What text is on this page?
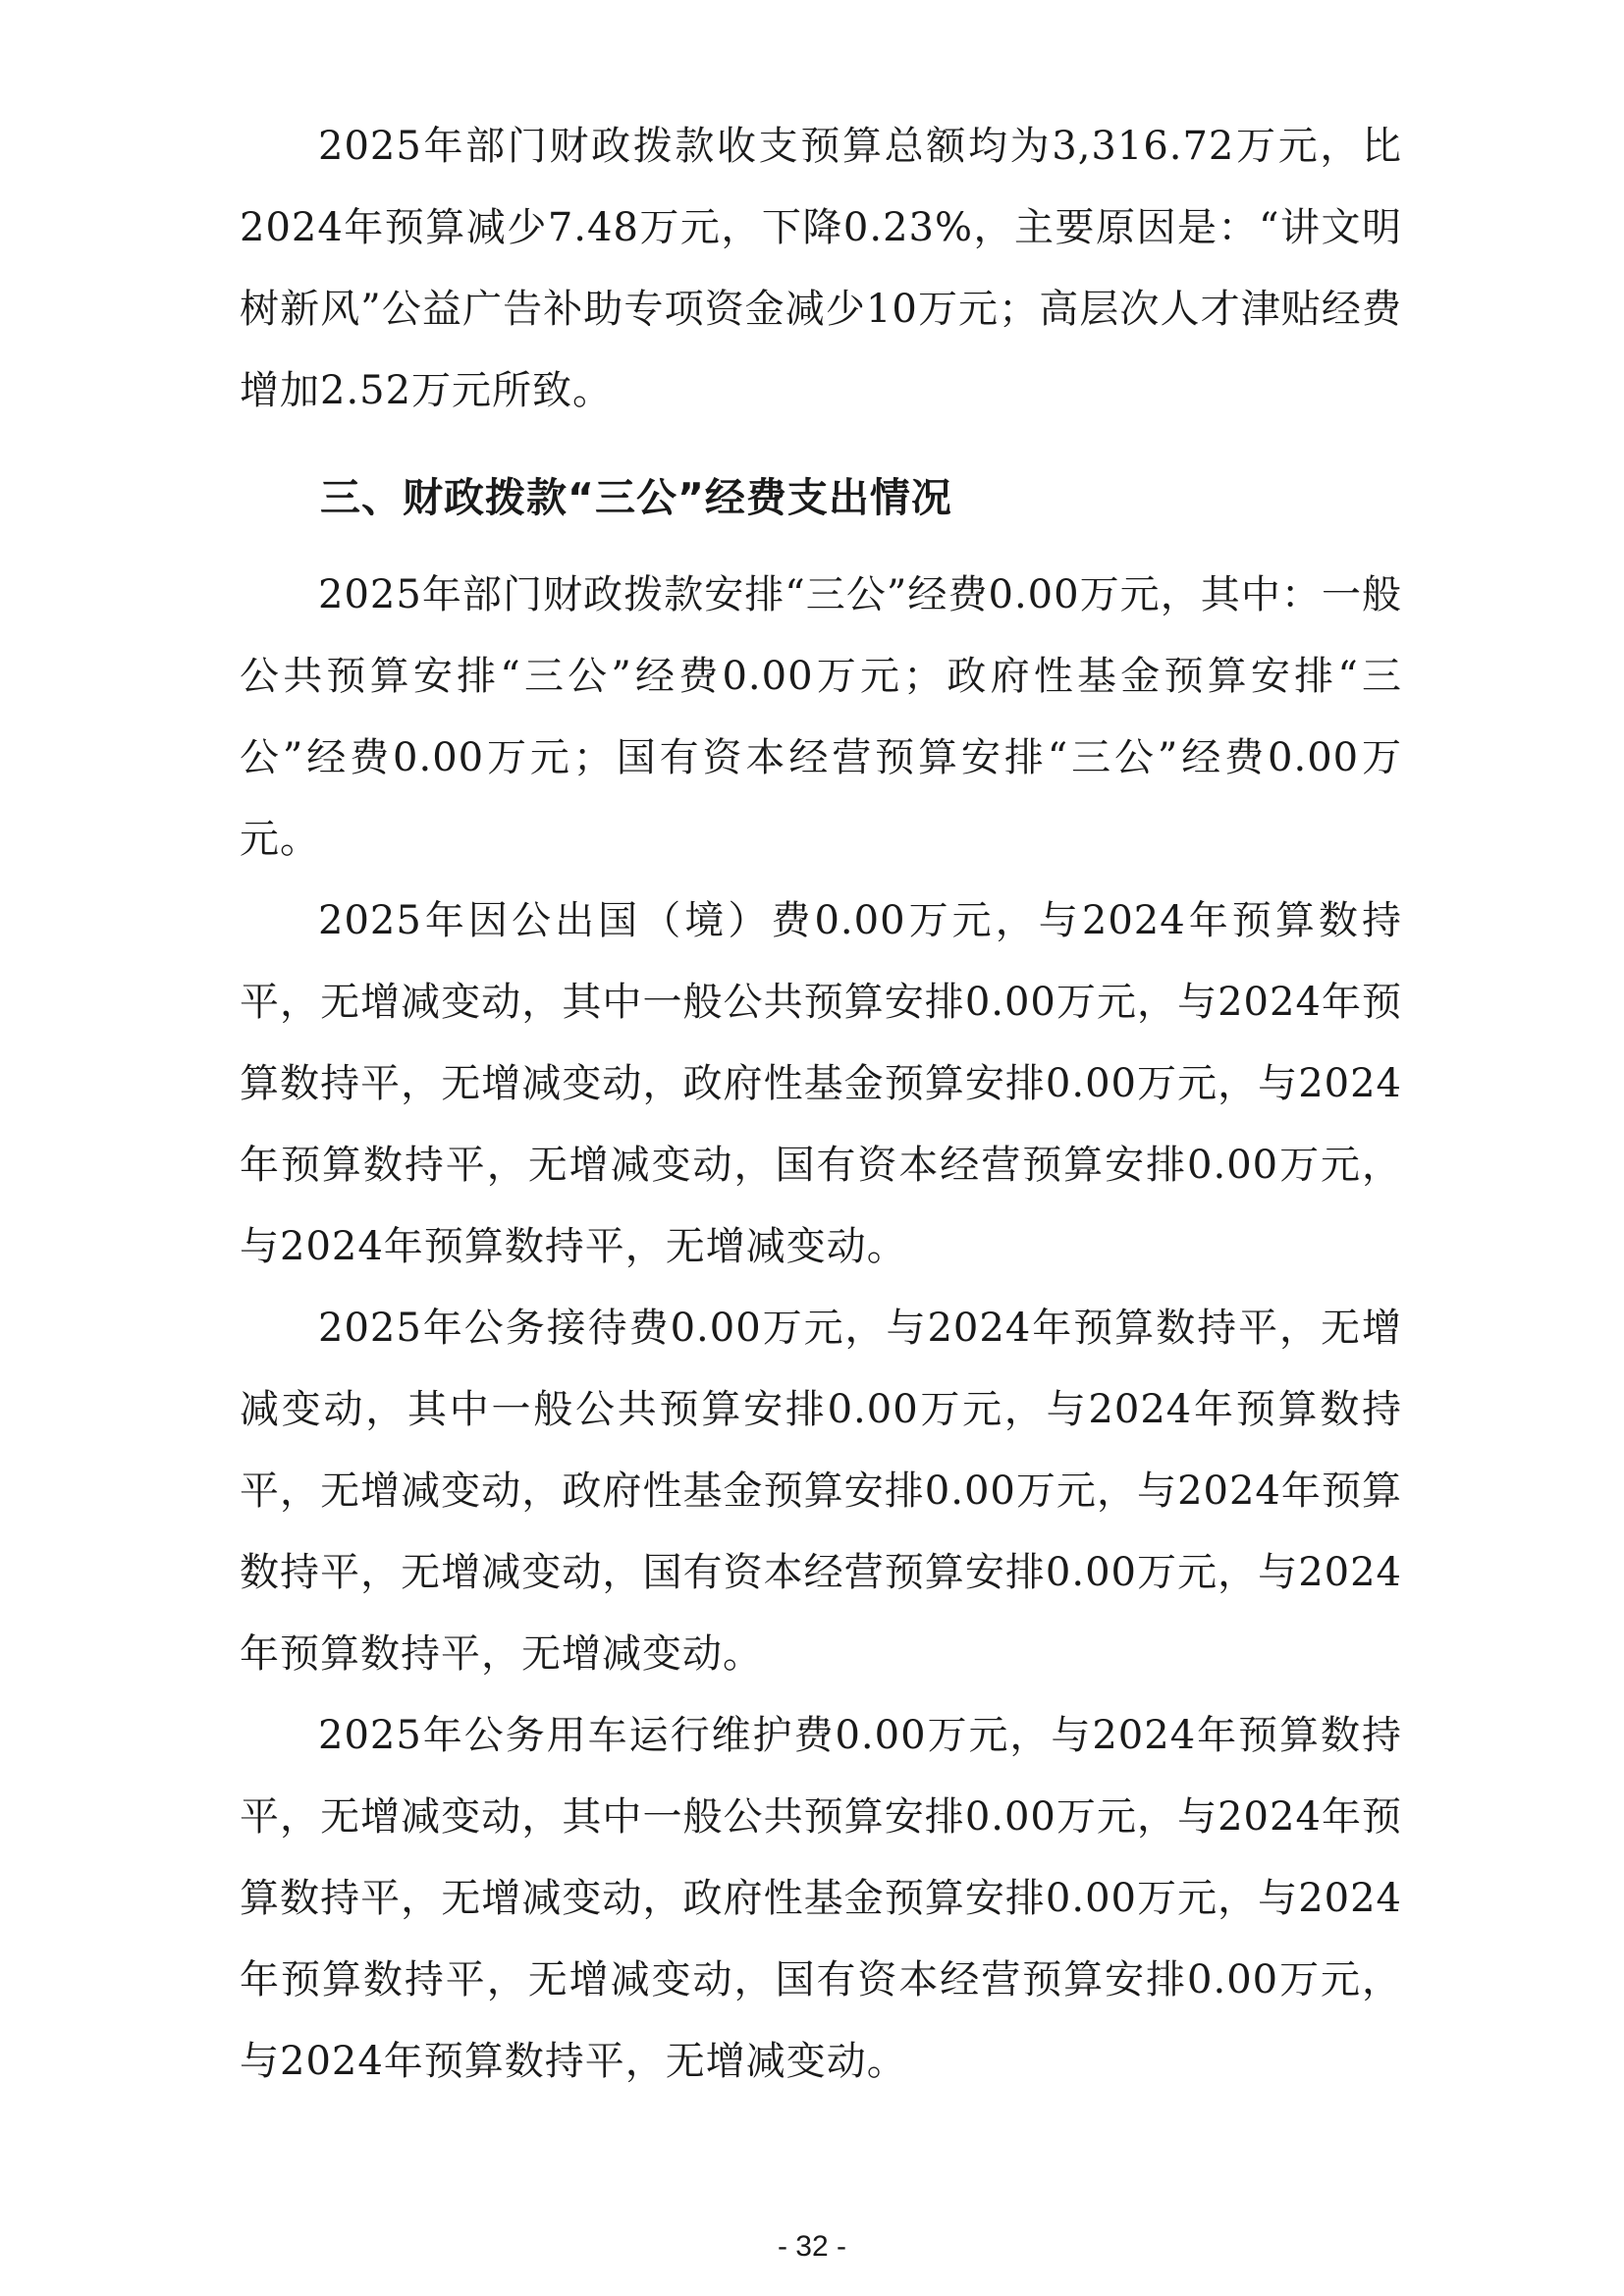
2025年部门财政拨款收支预算总额均为3,316.72万元，比2024年预算减少7.48万元，下降0.23%，主要原因是：“讲文明树新风”公益广告补助专项资金减少10万元；高层次人才津贴经费增加2.52万元所致。

三、财政拨款“三公”经费支出情况

2025年部门财政拨款安排“三公”经费0.00万元，其中：一般公共预算安排“三公”经费0.00万元；政府性基金预算安排“三公”经费0.00万元；国有资本经营预算安排“三公”经费0.00万元。

2025年因公出国（境）费0.00万元，与2024年预算数持平，无增减变动，其中一般公共预算安排0.00万元，与2024年预算数持平，无增减变动，政府性基金预算安排0.00万元，与2024年预算数持平，无增减变动，国有资本经营预算安排0.00万元，与2024年预算数持平，无增减变动。

2025年公务接待费0.00万元，与2024年预算数持平，无增减变动，其中一般公共预算安排0.00万元，与2024年预算数持平，无增减变动，政府性基金预算安排0.00万元，与2024年预算数持平，无增减变动，国有资本经营预算安排0.00万元，与2024年预算数持平，无增减变动。

2025年公务用车运行维护费0.00万元，与2024年预算数持平，无增减变动，其中一般公共预算安排0.00万元，与2024年预算数持平，无增减变动，政府性基金预算安排0.00万元，与2024年预算数持平，无增减变动，国有资本经营预算安排0.00万元，与2024年预算数持平，无增减变动。

- 32 -
